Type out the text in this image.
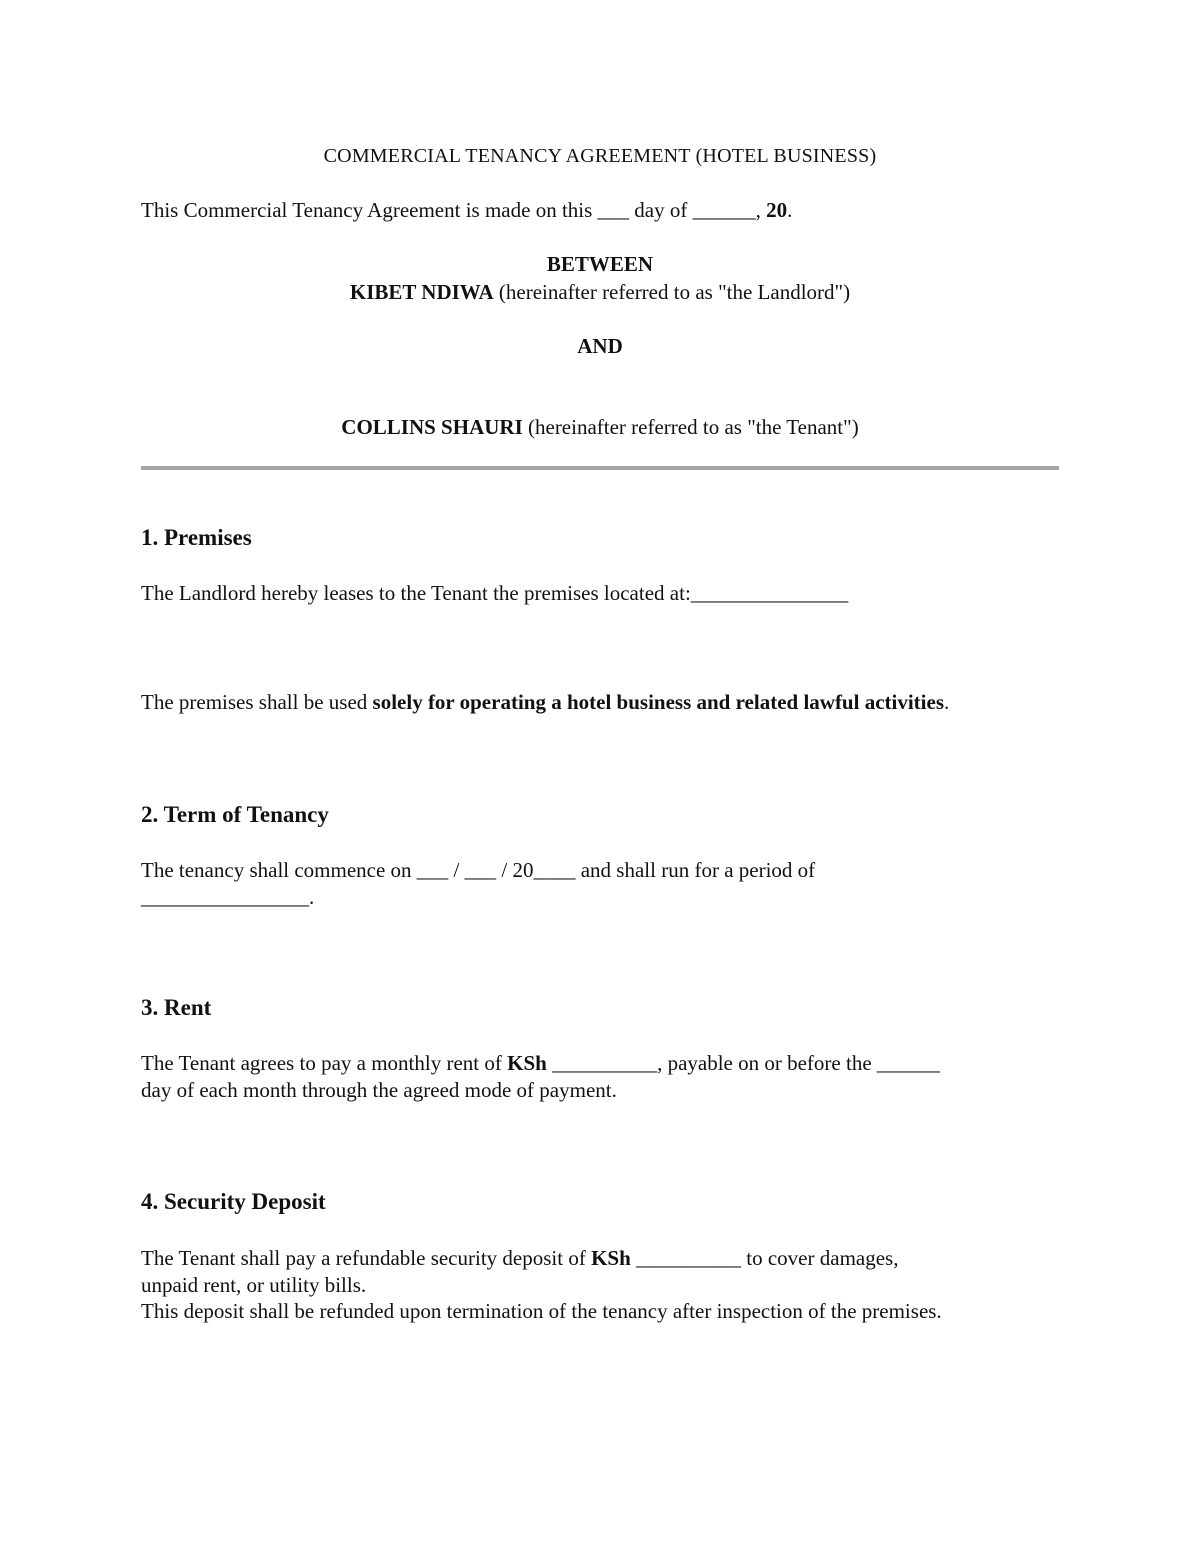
COMMERCIAL TENANCY AGREEMENT (HOTEL BUSINESS)
This Commercial Tenancy Agreement is made on this ___ day of ______, 20.
BETWEEN
KIBET NDIWA (hereinafter referred to as "the Landlord")
AND
COLLINS SHAURI (hereinafter referred to as "the Tenant")
1. Premises
The Landlord hereby leases to the Tenant the premises located at:_______________
The premises shall be used solely for operating a hotel business and related lawful activities.
2. Term of Tenancy
The tenancy shall commence on ___ / ___ / 20____ and shall run for a period of
________________.
3. Rent
The Tenant agrees to pay a monthly rent of KSh __________, payable on or before the ______
day of each month through the agreed mode of payment.
4. Security Deposit
The Tenant shall pay a refundable security deposit of KSh __________ to cover damages,
unpaid rent, or utility bills.
This deposit shall be refunded upon termination of the tenancy after inspection of the premises.
